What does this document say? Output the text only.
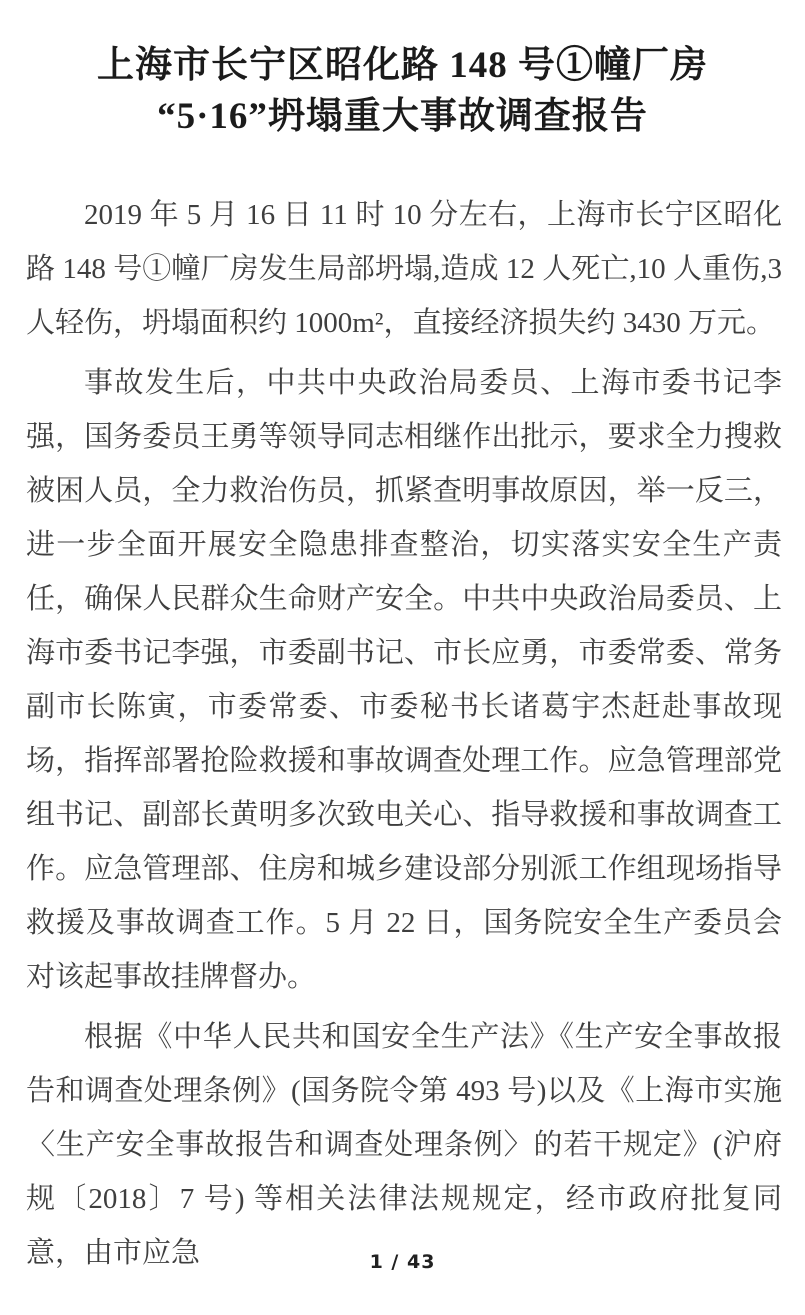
上海市长宁区昭化路 148 号①幢厂房
“5·16”坍塌重大事故调查报告

2019 年 5 月 16 日 11 时 10 分左右，上海市长宁区昭化路 148 号①幢厂房发生局部坍塌,造成 12 人死亡,10 人重伤,3 人轻伤，坍塌面积约 1000m²，直接经济损失约 3430 万元。

事故发生后，中共中央政治局委员、上海市委书记李强，国务委员王勇等领导同志相继作出批示，要求全力搜救被困人员，全力救治伤员，抓紧查明事故原因，举一反三，进一步全面开展安全隐患排查整治，切实落实安全生产责任，确保人民群众生命财产安全。中共中央政治局委员、上海市委书记李强，市委副书记、市长应勇，市委常委、常务副市长陈寅，市委常委、市委秘书长诸葛宇杰赶赴事故现场，指挥部署抢险救援和事故调查处理工作。应急管理部党组书记、副部长黄明多次致电关心、指导救援和事故调查工作。应急管理部、住房和城乡建设部分别派工作组现场指导救援及事故调查工作。5 月 22 日，国务院安全生产委员会对该起事故挂牌督办。

根据《中华人民共和国安全生产法》《生产安全事故报告和调查处理条例》(国务院令第 493 号)以及《上海市实施〈生产安全事故报告和调查处理条例〉的若干规定》(沪府规〔2018〕7 号) 等相关法律法规规定，经市政府批复同意，由市应急	1 / 43
